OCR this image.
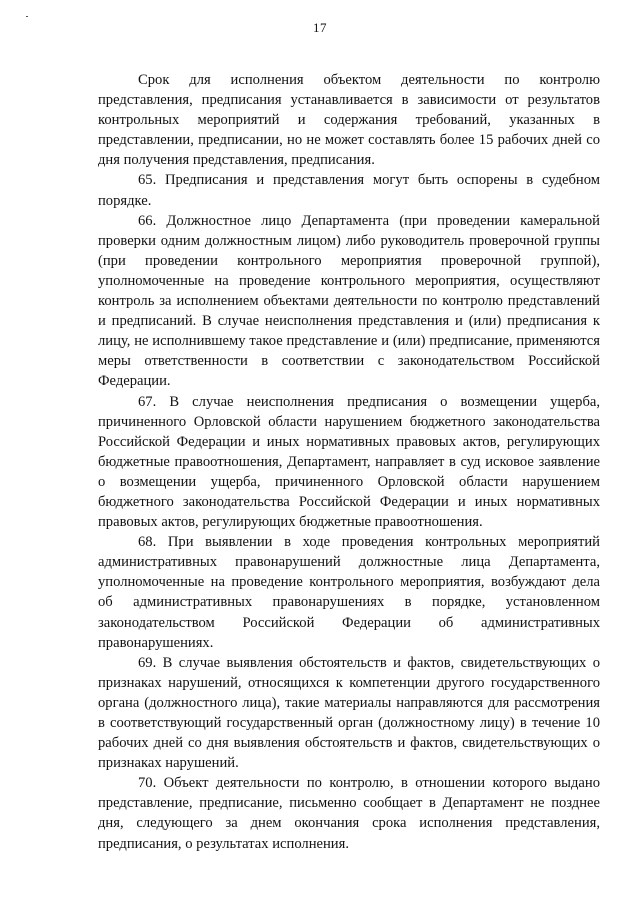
17

Срок для исполнения объектом деятельности по контролю представления, предписания устанавливается в зависимости от результатов контрольных мероприятий и содержания требований, указанных в представлении, предписании, но не может составлять более 15 рабочих дней со дня получения представления, предписания.

65. Предписания и представления могут быть оспорены в судебном порядке.

66. Должностное лицо Департамента (при проведении камеральной проверки одним должностным лицом) либо руководитель проверочной группы (при проведении контрольного мероприятия проверочной группой), уполномоченные на проведение контрольного мероприятия, осуществляют контроль за исполнением объектами деятельности по контролю представлений и предписаний. В случае неисполнения представления и (или) предписания к лицу, не исполнившему такое представление и (или) предписание, применяются меры ответственности в соответствии с законодательством Российской Федерации.

67. В случае неисполнения предписания о возмещении ущерба, причиненного Орловской области нарушением бюджетного законодательства Российской Федерации и иных нормативных правовых актов, регулирующих бюджетные правоотношения, Департамент, направляет в суд исковое заявление о возмещении ущерба, причиненного Орловской области нарушением бюджетного законодательства Российской Федерации и иных нормативных правовых актов, регулирующих бюджетные правоотношения.

68. При выявлении в ходе проведения контрольных мероприятий административных правонарушений должностные лица Департамента, уполномоченные на проведение контрольного мероприятия, возбуждают дела об административных правонарушениях в порядке, установленном законодательством Российской Федерации об административных правонарушениях.

69. В случае выявления обстоятельств и фактов, свидетельствующих о признаках нарушений, относящихся к компетенции другого государственного органа (должностного лица), такие материалы направляются для рассмотрения в соответствующий государственный орган (должностному лицу) в течение 10 рабочих дней со дня выявления обстоятельств и фактов, свидетельствующих о признаках нарушений.

70. Объект деятельности по контролю, в отношении которого выдано представление, предписание, письменно сообщает в Департамент не позднее дня, следующего за днем окончания срока исполнения представления, предписания, о результатах исполнения.
